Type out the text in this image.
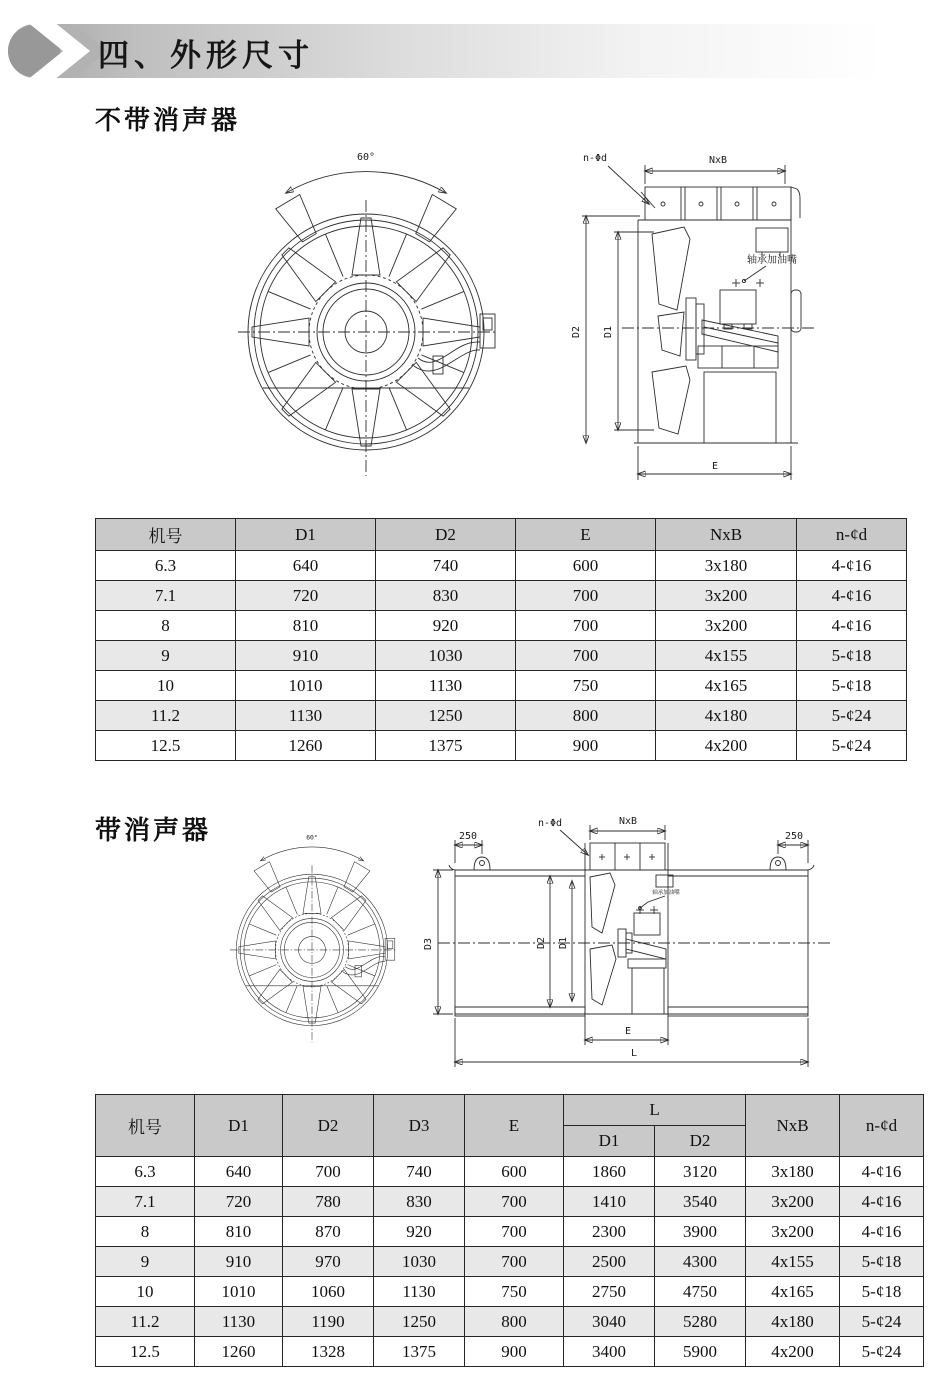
60°
四、外形尺寸
不带消声器
NxB
n-Φd
D2 D1
轴承加油嘴
E
机号	D1	D2	E	NxB	n-¢d
6.3	640	740	600	3x180	4-¢16
7.1	720	830	700	3x200	4-¢16
8	810	920	700	3x200	4-¢16
9	910	1030	700	4x155	5-¢18
10	1010	1130	750	4x165	5-¢18
11.2	1130	1250	800	4x180	5-¢24
12.5	1260	1375	900	4x200	5-¢24
带消声器	250	250
D3
NxB
n-Φd
D2 D1
轴承加油嘴
E
L
机号	D1	D2	D3	E	L		NxB	n-¢d
					D1	D2		
6.3	640	700	740	600	1860	3120	3x180	4-¢16
7.1	720	780	830	700	1410	3540	3x200	4-¢16
8	810	870	920	700	2300	3900	3x200	4-¢16
9	910	970	1030	700	2500	4300	4x155	5-¢18
10	1010	1060	1130	750	2750	4750	4x165	5-¢18
11.2	1130	1190	1250	800	3040	5280	4x180	5-¢24
12.5	1260	1328	1375	900	3400	5900	4x200	5-¢24
